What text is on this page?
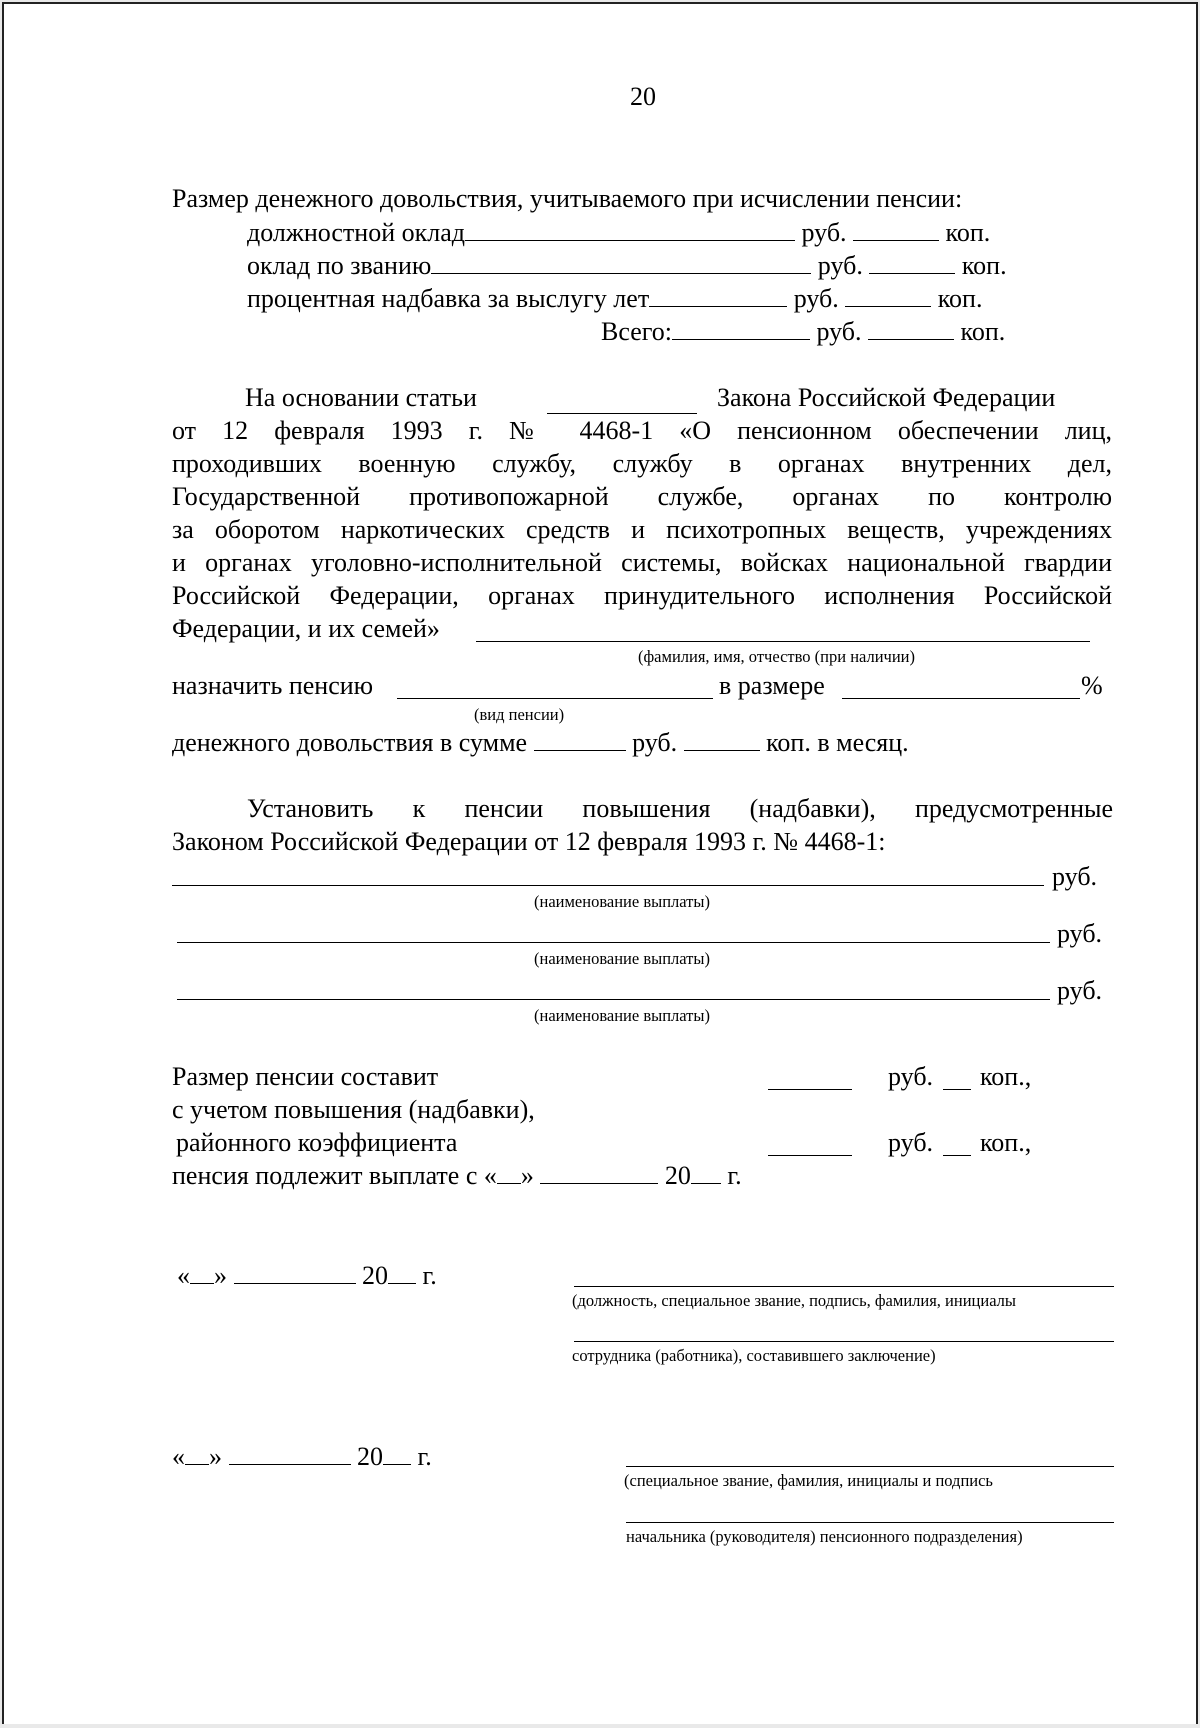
20
Размер денежного довольствия, учитываемого при исчислении пенсии:
должностной оклад	руб.	коп.
оклад по званию	руб.	коп.
процентная надбавка за выслугу лет	руб.	коп.
Всего:	руб.	коп.
На основании статьи	Закона Российской Федерации
от 12 февраля 1993 г. № 4468-1 «О пенсионном обеспечении лиц,
проходивших военную службу, службу в органах внутренних дел,
Государственной противопожарной службе, органах по контролю
за оборотом наркотических средств и психотропных веществ, учреждениях
и органах уголовно-исполнительной системы, войсках национальной гвардии
Российской Федерации, органах принудительного исполнения Российской
Федерации, и их семей»
(фамилия, имя, отчество (при наличии)
назначить пенсию	в размере	%
(вид пенсии)
денежного довольствия в сумме	руб.	коп. в месяц.
Установить к пенсии повышения (надбавки), предусмотренные
Законом Российской Федерации от 12 февраля 1993 г. № 4468-1:
руб.
(наименование выплаты)
руб.
(наименование выплаты)
руб.
(наименование выплаты)
Размер пенсии составит	руб. коп.,
с учетом повышения (надбавки),
районного коэффициента	руб. коп.,
пенсия подлежит выплате с « »	20 г.
« »	20 г.
(должность, специальное звание, подпись, фамилия, инициалы
сотрудника (работника), составившего заключение)
« »	20 г.
(специальное звание, фамилия, инициалы и подпись
начальника (руководителя) пенсионного подразделения)
